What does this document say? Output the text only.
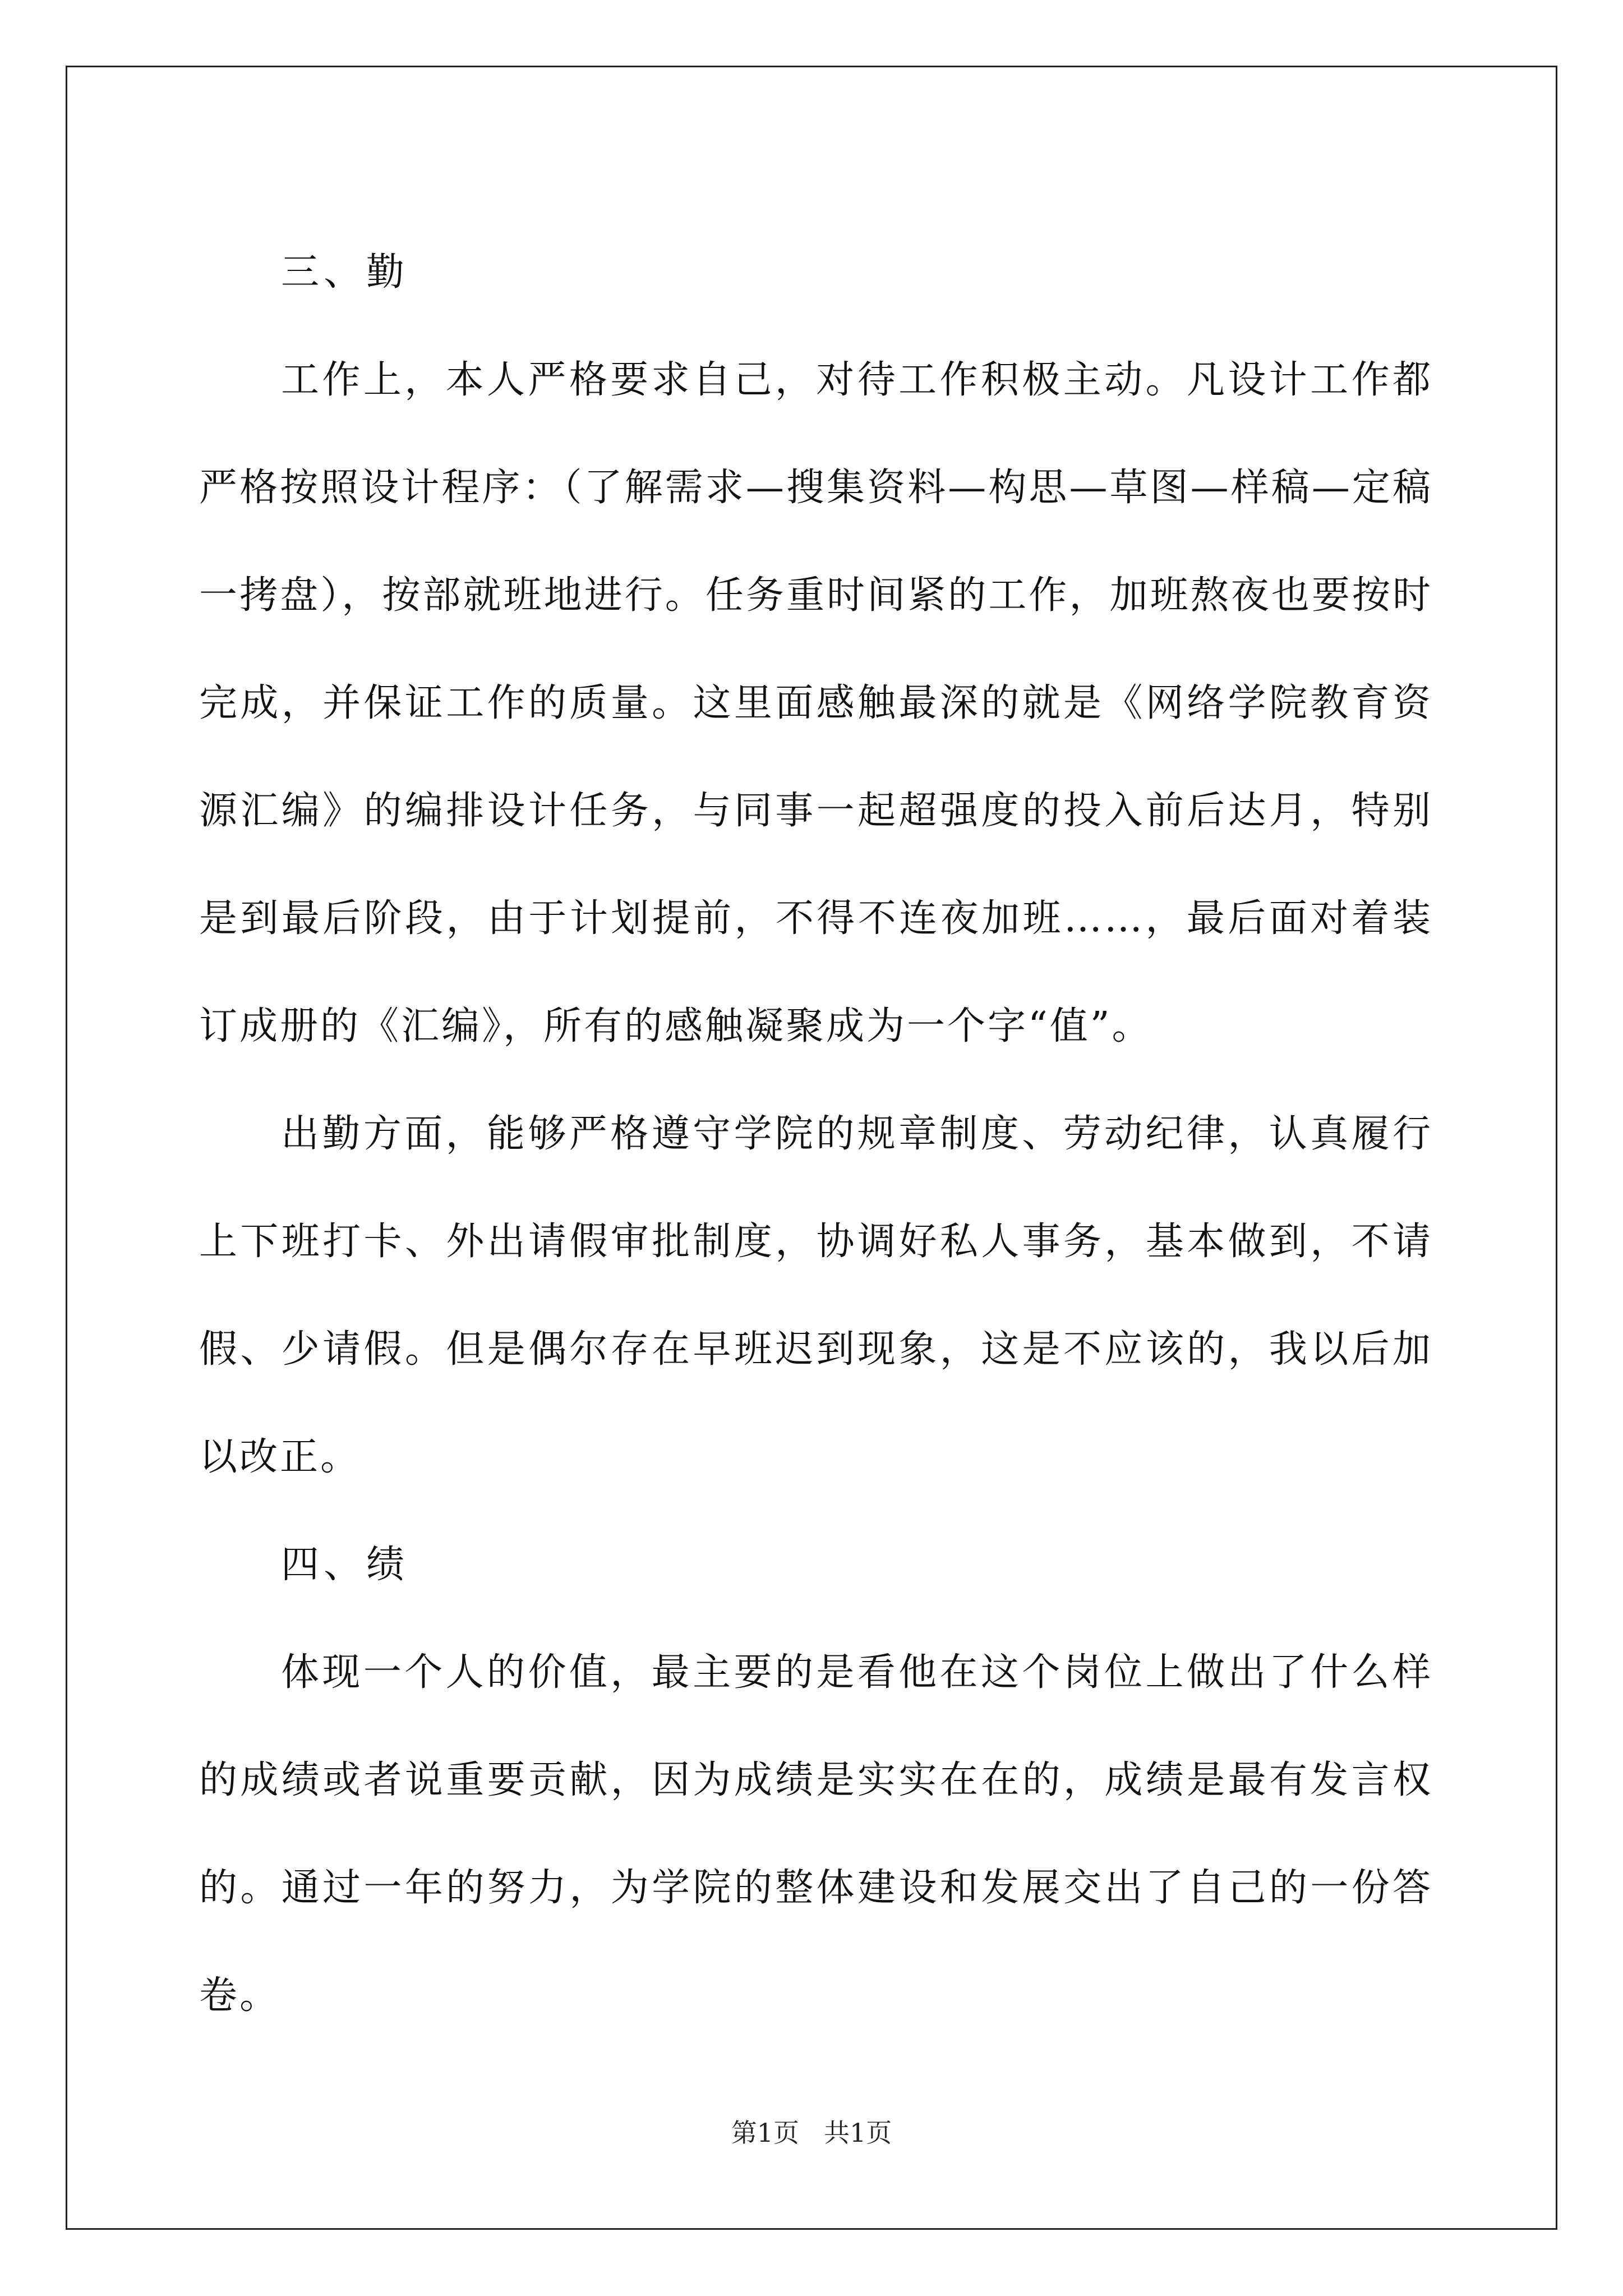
三、勤

工作上，本人严格要求自己，对待工作积极主动。凡设计工作都严格按照设计程序：（了解需求—搜集资料—构思—草图—样稿—定稿一拷盘），按部就班地进行。任务重时间紧的工作，加班熬夜也要按时完成，并保证工作的质量。这里面感触最深的就是《网络学院教育资源汇编》的编排设计任务，与同事一起超强度的投入前后达月，特别是到最后阶段，由于计划提前，不得不连夜加班……，最后面对着装订成册的《汇编》，所有的感触凝聚成为一个字“值”。

出勤方面，能够严格遵守学院的规章制度、劳动纪律，认真履行上下班打卡、外出请假审批制度，协调好私人事务，基本做到，不请假、少请假。但是偶尔存在早班迟到现象，这是不应该的，我以后加以改正。

四、绩

体现一个人的价值，最主要的是看他在这个岗位上做出了什么样的成绩或者说重要贡献，因为成绩是实实在在的，成绩是最有发言权的。通过一年的努力，为学院的整体建设和发展交出了自己的一份答卷。

第1页 共1页
